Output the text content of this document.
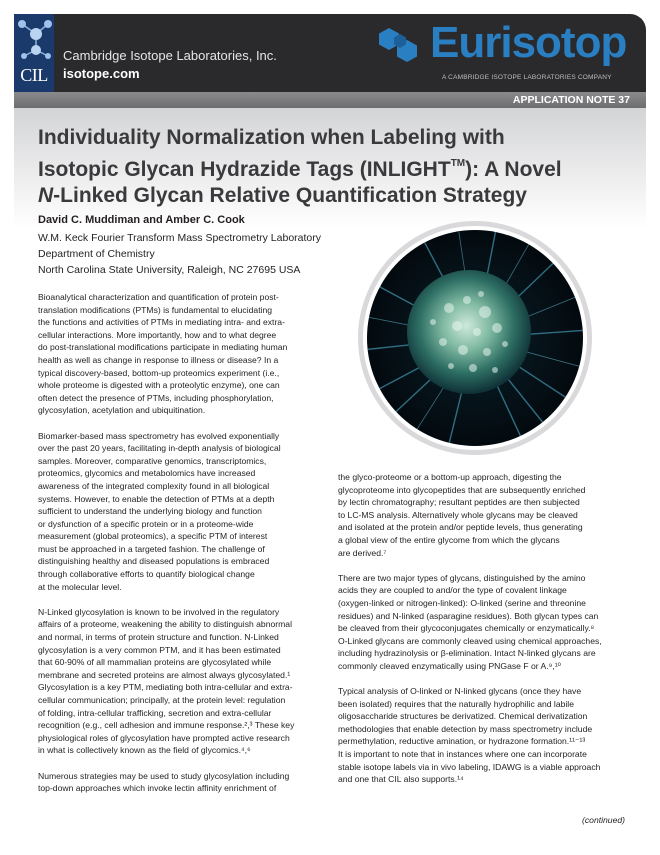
CIL
Cambridge Isotope Laboratories, Inc.
isotope.com
Eurisotop
A CAMBRIDGE ISOTOPE LABORATORIES COMPANY
APPLICATION NOTE 37
Individuality Normalization when Labeling with
Isotopic Glycan Hydrazide Tags (INLIGHT™): A Novel
N-Linked Glycan Relative Quantification Strategy
David C. Muddiman and Amber C. Cook
W.M. Keck Fourier Transform Mass Spectrometry Laboratory
Department of Chemistry
North Carolina State University, Raleigh, NC 27695 USA

Bioanalytical characterization and quantification of protein post-
translation modifications (PTMs) is fundamental to elucidating
the functions and activities of PTMs in mediating intra- and extra-
cellular interactions. More importantly, how and to what degree
do post-translational modifications participate in mediating human
health as well as change in response to illness or disease? In a
typical discovery-based, bottom-up proteomics experiment (i.e.,
whole proteome is digested with a proteolytic enzyme), one can
often detect the presence of PTMs, including phosphorylation,
glycosylation, acetylation and ubiquitination.

Biomarker-based mass spectrometry has evolved exponentially
over the past 20 years, facilitating in-depth analysis of biological
samples. Moreover, comparative genomics, transcriptomics,
proteomics, glycomics and metabolomics have increased
awareness of the integrated complexity found in all biological
systems. However, to enable the detection of PTMs at a depth
sufficient to understand the underlying biology and function
or dysfunction of a specific protein or in a proteome-wide
measurement (global proteomics), a specific PTM of interest
must be approached in a targeted fashion. The challenge of
distinguishing healthy and diseased populations is embraced
through collaborative efforts to quantify biological change
at the molecular level.

N-Linked glycosylation is known to be involved in the regulatory
affairs of a proteome, weakening the ability to distinguish abnormal
and normal, in terms of protein structure and function. N-Linked
glycosylation is a very common PTM, and it has been estimated
that 60-90% of all mammalian proteins are glycosylated while
membrane and secreted proteins are almost always glycosylated.¹
Glycosylation is a key PTM, mediating both intra-cellular and extra-
cellular communication; principally, at the protein level: regulation
of folding, intra-cellular trafficking, secretion and extra-cellular
recognition (e.g., cell adhesion and immune response.²,³ These key
physiological roles of glycosylation have prompted active research
in what is collectively known as the field of glycomics.⁴,⁶

Numerous strategies may be used to study glycosylation including
top-down approaches which invoke lectin affinity enrichment of

the glyco-proteome or a bottom-up approach, digesting the
glycoproteome into glycopeptides that are subsequently enriched
by lectin chromatography; resultant peptides are then subjected
to LC-MS analysis. Alternatively whole glycans may be cleaved
and isolated at the protein and/or peptide levels, thus generating
a global view of the entire glycome from which the glycans
are derived.⁷

There are two major types of glycans, distinguished by the amino
acids they are coupled to and/or the type of covalent linkage
(oxygen-linked or nitrogen-linked): O-linked (serine and threonine
residues) and N-linked (asparagine residues). Both glycan types can
be cleaved from their glycoconjugates chemically or enzymatically.⁸
O-Linked glycans are commonly cleaved using chemical approaches,
including hydrazinolysis or β-elimination. Intact N-linked glycans are
commonly cleaved enzymatically using PNGase F or A.⁹,¹⁰

Typical analysis of O-linked or N-linked glycans (once they have
been isolated) requires that the naturally hydrophilic and labile
oligosaccharide structures be derivatized. Chemical derivatization
methodologies that enable detection by mass spectrometry include
permethylation, reductive amination, or hydrazone formation.¹¹⁻¹³
It is important to note that in instances where one can incorporate
stable isotope labels via in vivo labeling, IDAWG is a viable approach
and one that CIL also supports.¹⁴

(continued)
